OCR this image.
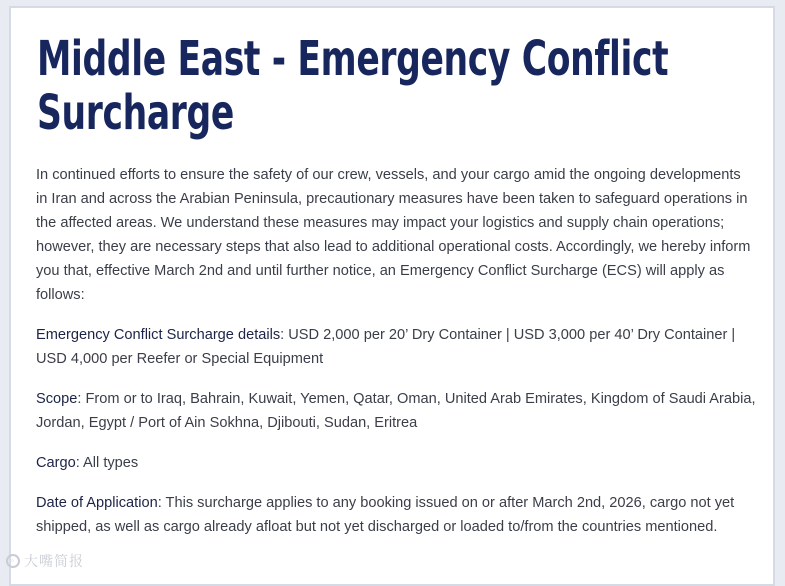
Middle East - Emergency Conflict Surcharge

In continued efforts to ensure the safety of our crew, vessels, and your cargo amid the ongoing developments in Iran and across the Arabian Peninsula, precautionary measures have been taken to safeguard operations in the affected areas. We understand these measures may impact your logistics and supply chain operations; however, they are necessary steps that also lead to additional operational costs. Accordingly, we hereby inform you that, effective March 2nd and until further notice, an Emergency Conflict Surcharge (ECS) will apply as follows:

Emergency Conflict Surcharge details: USD 2,000 per 20’ Dry Container | USD 3,000 per 40’ Dry Container | USD 4,000 per Reefer or Special Equipment

Scope: From or to Iraq, Bahrain, Kuwait, Yemen, Qatar, Oman, United Arab Emirates, Kingdom of Saudi Arabia, Jordan, Egypt / Port of Ain Sokhna, Djibouti, Sudan, Eritrea

Cargo: All types

Date of Application: This surcharge applies to any booking issued on or after March 2nd, 2026, cargo not yet shipped, as well as cargo already afloat but not yet discharged or loaded to/from the countries mentioned.

◦ 大嘴简报
